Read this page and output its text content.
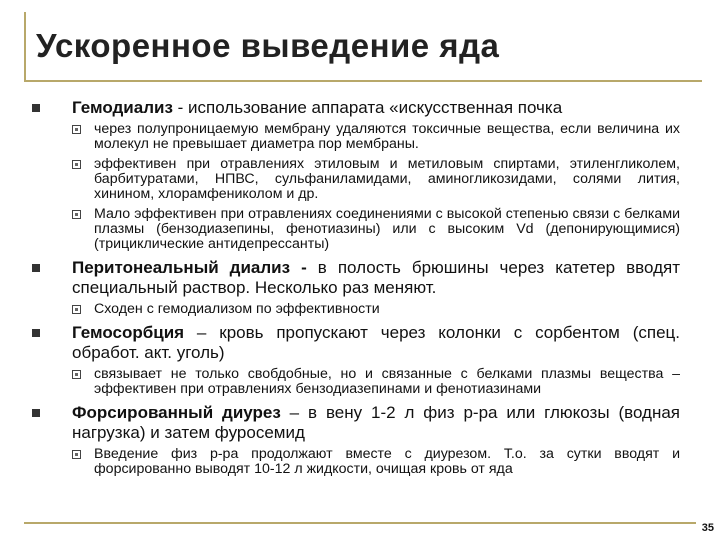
Ускоренное выведение яда
Гемодиализ - использование аппарата «искусственная почка
через полупроницаемую мембрану удаляются токсичные вещества, если величина их молекул не превышает диаметра пор мембраны.
эффективен при отравлениях этиловым и метиловым спиртами, этиленгликолем, барбитуратами, НПВС, сульфаниламидами, аминогликозидами, солями лития, хинином, хлорамфениколом и др.
Мало эффективен при отравлениях соединениями с высокой степенью связи с белками плазмы (бензодиазепины, фенотиазины) или с высоким Vd (депонирующимися) (трициклические антидепрессанты)
Перитонеальный диализ - в полость брюшины через катетер вводят специальный раствор. Несколько раз меняют.
Сходен с гемодиализом по эффективности
Гемосорбция – кровь пропускают через колонки с сорбентом (спец. обработ. акт. уголь)
связывает не только свобдобные, но и связанные с белками плазмы вещества – эффективен при отравлениях бензодиазепинами и фенотиазинами
Форсированный диурез – в вену 1-2 л физ р-ра или глюкозы (водная нагрузка) и затем фуросемид
Введение физ р-ра продолжают вместе с диурезом. Т.о. за сутки вводят и форсированно выводят 10-12 л жидкости, очищая кровь от яда
35
